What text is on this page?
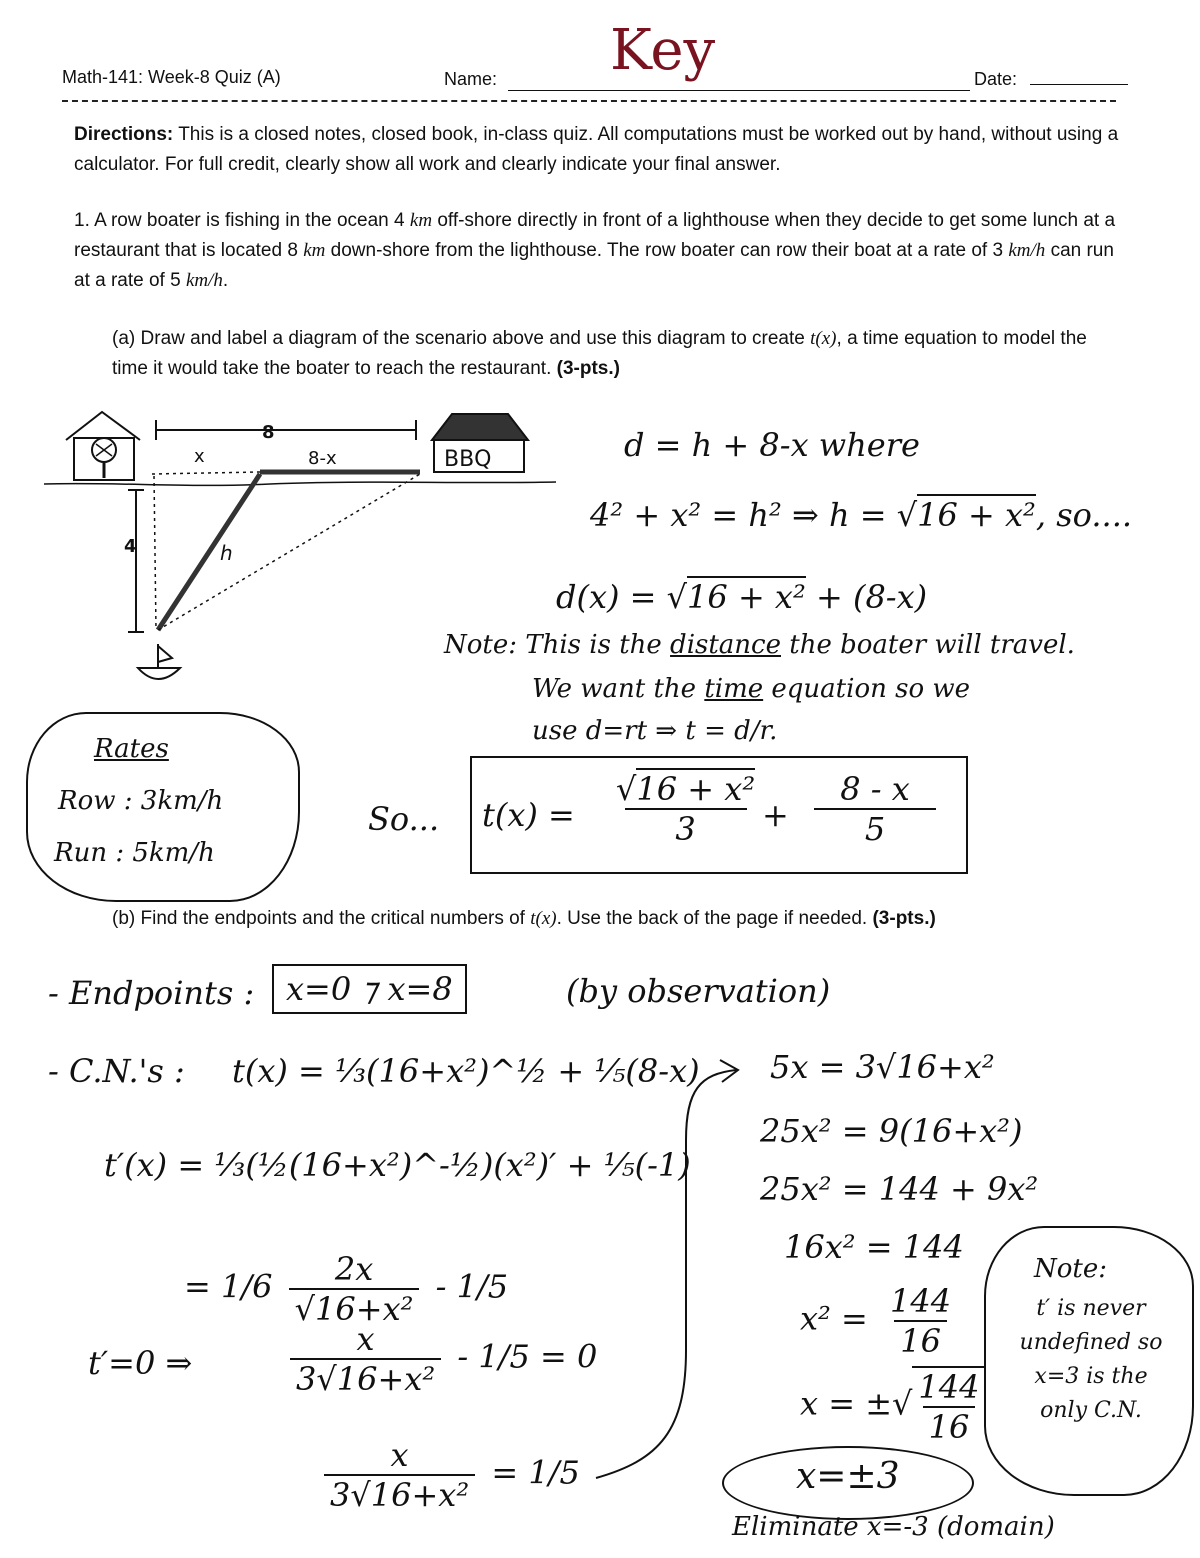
Math-141: Week-8 Quiz (A)	Name: Key	Date:
Directions: This is a closed notes, closed book, in-class quiz. All computations must be worked out by hand, without using a calculator. For full credit, clearly show all work and clearly indicate your final answer.
1. A row boater is fishing in the ocean 4 km off-shore directly in front of a lighthouse when they decide to get some lunch at a restaurant that is located 8 km down-shore from the lighthouse. The row boater can row their boat at a rate of 3 km/h can run at a rate of 5 km/h.
(a) Draw and label a diagram of the scenario above and use this diagram to create t(x), a time equation to model the time it would take the boater to reach the restaurant. (3-pts.)
BBQ
8
x	8-x
4	h
d = h + 8-x where
4² + x² = h² ⇒ h = √16 + x², so....
d(x) = √16 + x² + (8-x)
Note: This is the distance the boater will travel.
We want the time equation so we
use d=rt ⇒ t = d/r.
So... $t(x) = \frac{\text{√16 + x²}}{3} + \frac{8 - x}{5}$
Rates
Row : 3km/h
Run : 5km/h
(b) Find the endpoints and the critical numbers of t(x). Use the back of the page if needed. (3-pts.)
- Endpoints : x=0 ⁊ x=8	(by observation)
- C.N.'s : t(x) = ⅓(16+x²)^½ + ⅕(8-x)
t′(x) = ⅓(½(16+x²)^-½)(x²)′ + ⅕(-1)
= $1/6 \frac{2x}{\text{√16+x²}} - 1/5$
t′=0 ⇒	$\frac{x}{\text{3√16+x²}} - 1/5 = 0$
$\frac{x}{\text{3√16+x²}} = 1/5$
5x = 3√16+x²
25x² = 9(16+x²)
25x² = 144 + 9x²
16x² = 144
$x^2 = \frac{144}{16}$
x = ±√ $\frac{144}{16}$
x=±3
Eliminate x=-3 (domain)
Note:
t′ is never undefined so x=3 is the only C.N.
